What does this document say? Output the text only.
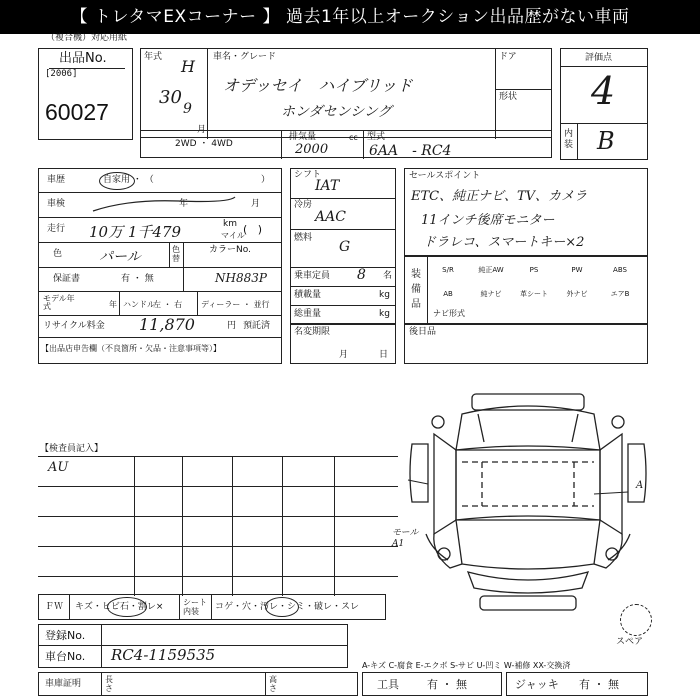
【 トレタマEXコーナー 】 過去1年以上オークション出品歴がない車両
（複合機）対応用紙
出品No.
[2006]
60027
年式 H
30
9
月
車名・グレード
オデッセイ　ハイブリッド
ホンダセンシング
ドア
形状
2WD ・ 4WD
排気量	cc
2000
型式
6AA　- RC4
評価点
4
内装 B
車歴	自家用 ・ （	）
車検	年	月
走行 10万 1千479	km
マイル
(   )
色	パール	色替
カラーNo.
NH883P
保証書	有 ・ 無
モデル年式	年 ハンドル
左 ・ 右 ディーラー ・ 並行
リサイクル料金 11,870	円 預託済
【出品店申告欄（不良箇所・欠品・注意事項等）】
シフト
IAT
冷房
AAC
燃料
G
乗車定員 8 名
積載量	kg
総重量	kg
名変期限
月	日
セールスポイント
ETC、純正ナビ、TV、カメラ
11インチ後席モニター
ドラレコ、スマートキー×2
装備品
S/R	純正AW	PS	PW	ABS
AB	純ナビ	革シート	外ナビ	エアB
ナビ形式
後日品
【検査員記入】
AU
A
モール A1
ＦＷ キズ・ヒビ石・割レ× シート内装	コゲ・穴・汚レ・シミ・破レ・スレ
スペア
登録No.
車台No. RC4-1159535
A-キズ C-腐食 E-エクボ S-サビ U-凹ミ W-補修 XX-交換済
車庫証明	長さ
高さ	工具	有 ・ 無	ジャッキ 有 ・ 無
